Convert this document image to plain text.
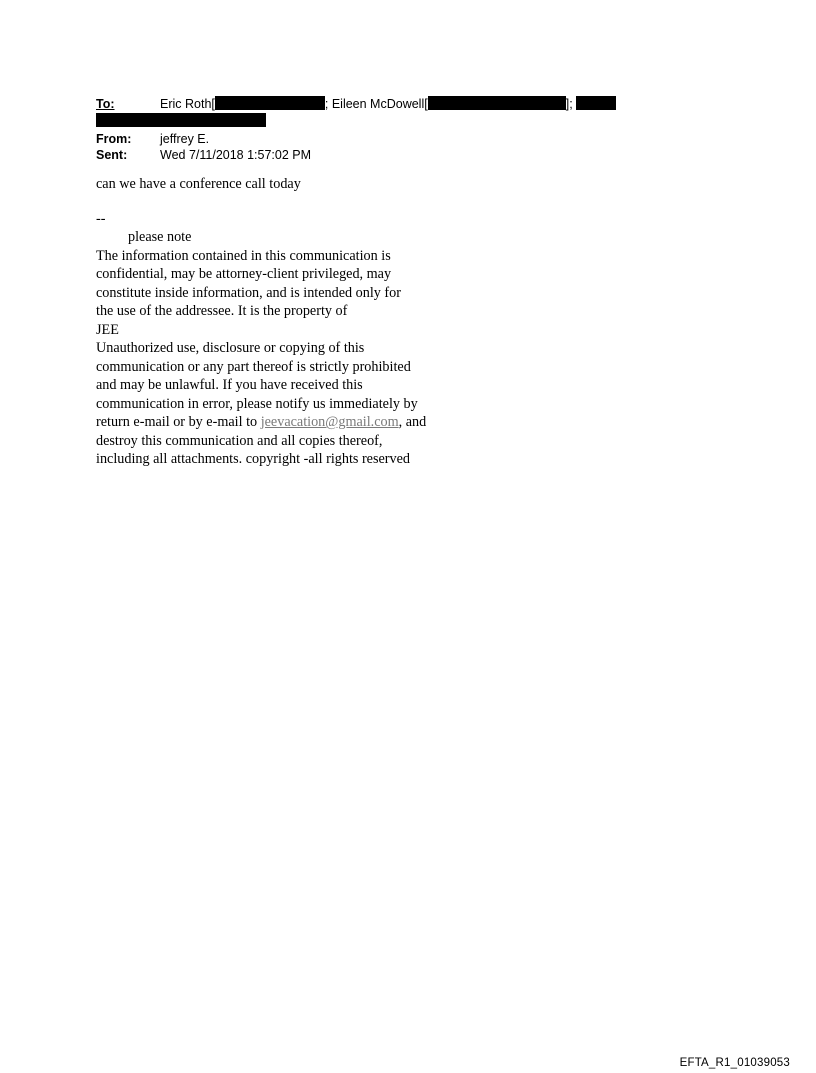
To:	Eric Roth[	; Eileen McDowell[	];
From: jeffrey E.
Sent:	Wed 7/11/2018 1:57:02 PM

can we have a conference call today

--

please note

The information contained in this communication is

confidential, may be attorney-client privileged, may

constitute inside information, and is intended only for

the use of the addressee. It is the property of

JEE

Unauthorized use, disclosure or copying of this

communication or any part thereof is strictly prohibited

and may be unlawful. If you have received this

communication in error, please notify us immediately by

return e-mail or by e-mail to jeevacation@gmail.com, and

destroy this communication and all copies thereof,

including all attachments. copyright -all rights reserved

EFTA_R1_01039053
